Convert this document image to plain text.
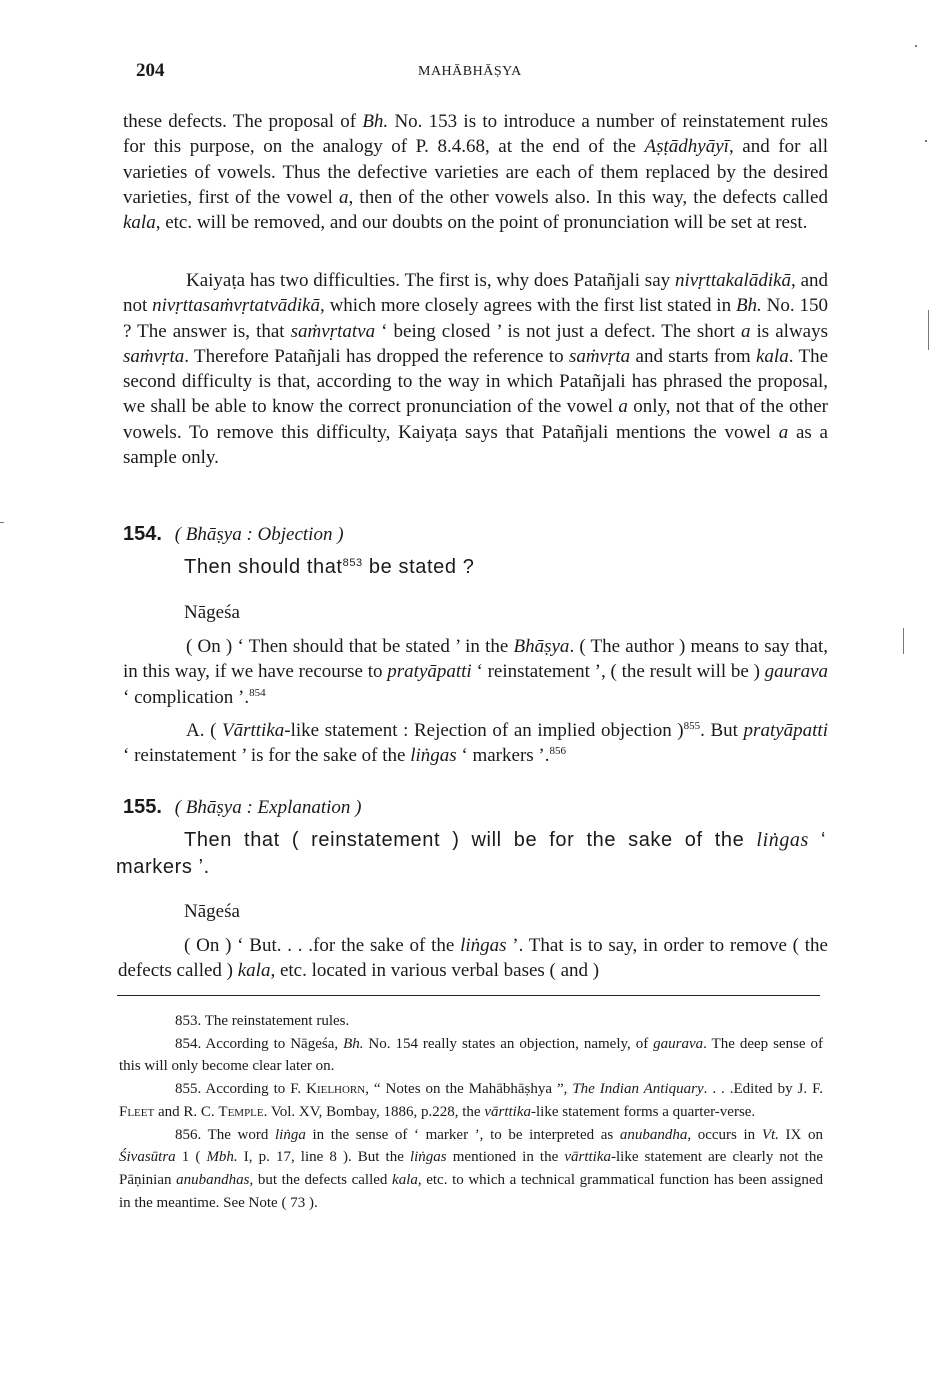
204	MAHĀBHĀṢYA

these defects. The proposal of Bh. No. 153 is to introduce a number of reinstatement rules for this purpose, on the analogy of P. 8.4.68, at the end of the Aṣṭādhyāyī, and for all varieties of vowels. Thus the defective varieties are each of them replaced by the desired varieties, first of the vowel a, then of the other vowels also. In this way, the defects called kala, etc. will be removed, and our doubts on the point of pronunciation will be set at rest.

Kaiyaṭa has two difficulties. The first is, why does Patañjali say nivṛttakalādikā, and not nivṛttasaṁvṛtatvādikā, which more closely agrees with the first list stated in Bh. No. 150 ? The answer is, that saṁvṛtatva ‘ being closed ’ is not just a defect. The short a is always saṁvṛta. Therefore Patañjali has dropped the reference to saṁvṛta and starts from kala. The second difficulty is that, according to the way in which Patañjali has phrased the proposal, we shall be able to know the correct pronunciation of the vowel a only, not that of the other vowels. To remove this difficulty, Kaiyaṭa says that Patañjali mentions the vowel a as a sample only.

154. ( Bhāṣya : Objection )
Then should that$^{853}$ be stated ?
Nāgeśa

( On ) ‘ Then should that be stated ’ in the Bhāṣya. ( The author ) means to say that, in this way, if we have recourse to pratyāpatti ‘ reinstatement ’, ( the result will be ) gaurava ‘ complication ’.$^{854}$

A. ( Vārttika-like statement : Rejection of an implied objection )$^{855}$. But pratyāpatti ‘ reinstatement ’ is for the sake of the liṅgas ‘ markers ’.$^{856}$

155. ( Bhāṣya : Explanation )
Then that ( reinstatement ) will be for the sake of the liṅgas ‘ markers ’.
Nāgeśa

( On ) ‘ But. . . .for the sake of the liṅgas ’. That is to say, in order to remove ( the defects called ) kala, etc. located in various verbal bases ( and )

853. The reinstatement rules.

854. According to Nāgeśa, Bh. No. 154 really states an objection, namely, of gaurava. The deep sense of this will only become clear later on.

855. According to F. Kielhorn, “ Notes on the Mahābhāṣhya ”, The Indian Antiquary. . . .Edited by J. F. Fleet and R. C. Temple. Vol. XV, Bombay, 1886, p.228, the vārttika-like statement forms a quarter-verse.

856. The word liṅga in the sense of ‘ marker ’, to be interpreted as anubandha, occurs in Vt. IX on Śivasūtra 1 ( Mbh. I, p. 17, line 8 ). But the liṅgas mentioned in the vārttika-like statement are clearly not the Pāṇinian anubandhas, but the defects called kala, etc. to which a technical grammatical function has been assigned in the meantime. See Note ( 73 ).
